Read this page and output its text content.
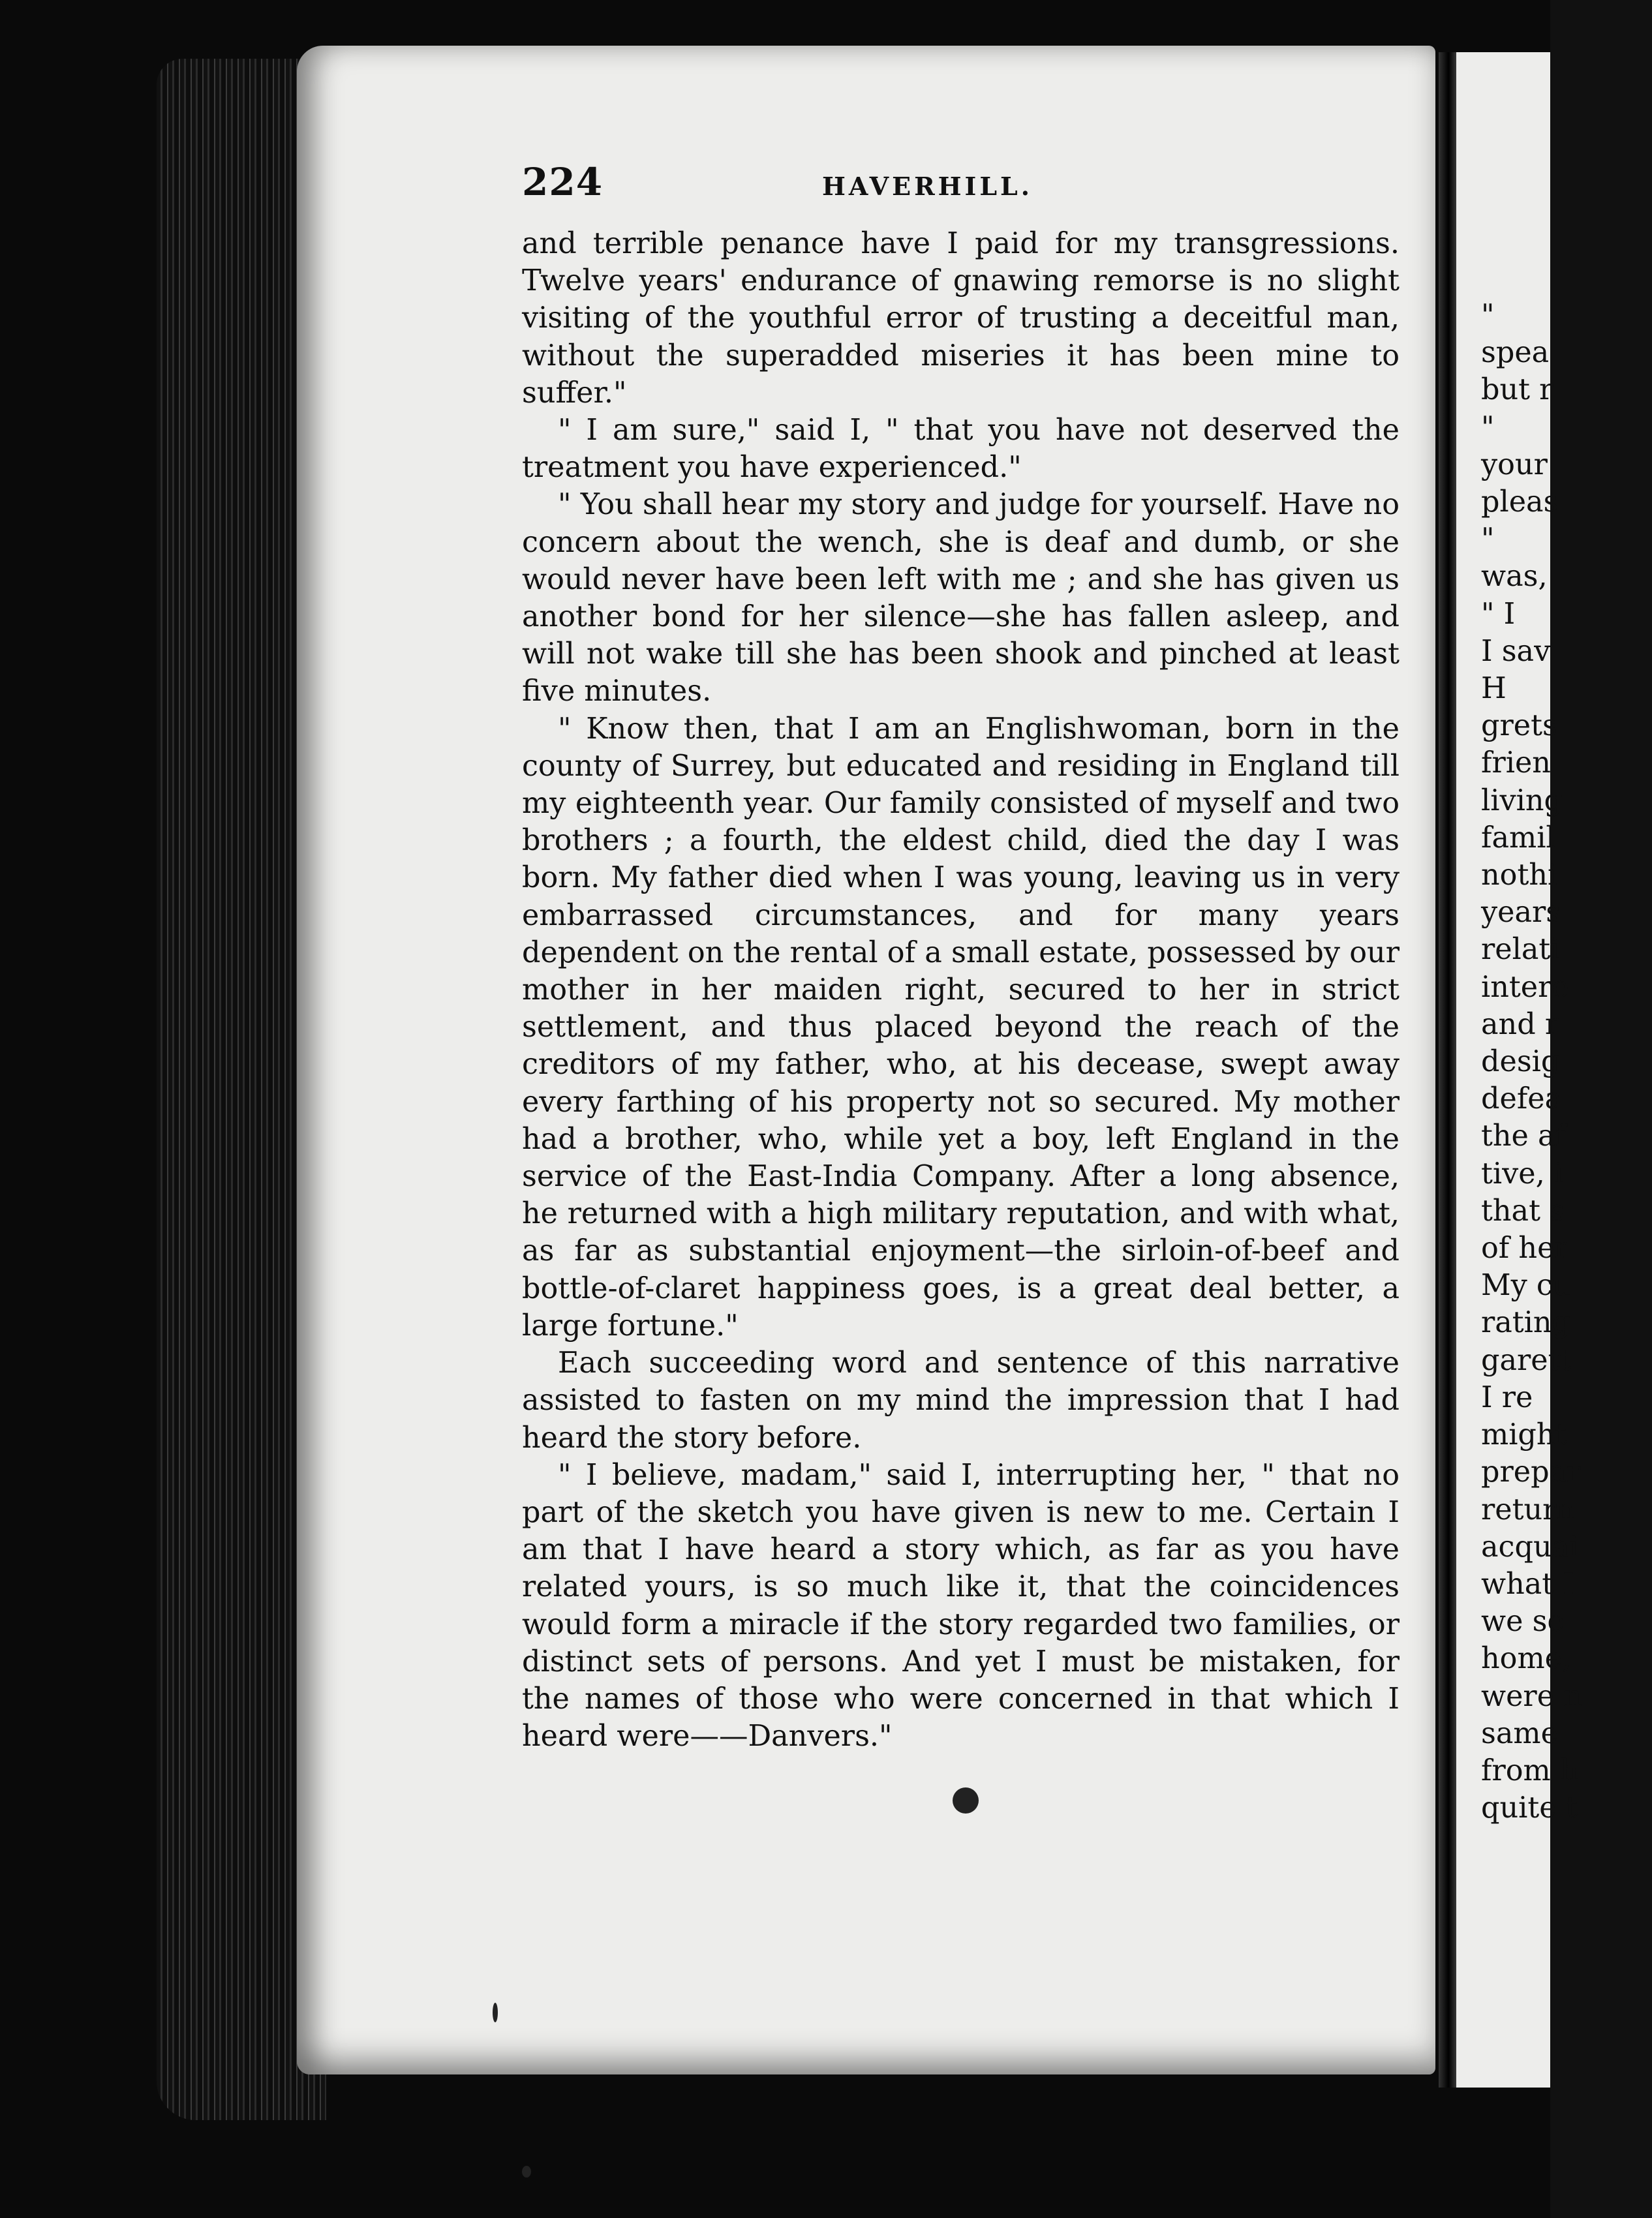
"
spea
but r
"
your
pleas
"
was,
" I
I sav
H
grets
frien
living
famil
nothi
years
relati
intere
and r
desig
defea
the af
tive, i
that s
of her
My cu
rating
garett
I re
might
prepar
return
acquai
what I
we se
home,
were n
same
from h
quite t
224	HAVERHILL.

and terrible penance have I paid for my transgressions. Twelve years' endurance of gnawing remorse is no slight visiting of the youthful error of trusting a deceitful man, without the superadded miseries it has been mine to suffer."

" I am sure," said I, " that you have not deserved the treatment you have experienced."

" You shall hear my story and judge for yourself. Have no concern about the wench, she is deaf and dumb, or she would never have been left with me ; and she has given us another bond for her silence—she has fallen asleep, and will not wake till she has been shook and pinched at least five minutes.

" Know then, that I am an Englishwoman, born in the county of Surrey, but educated and residing in England till my eighteenth year. Our family consisted of myself and two brothers ; a fourth, the eldest child, died the day I was born. My father died when I was young, leaving us in very embarrassed circumstances, and for many years dependent on the rental of a small estate, possessed by our mother in her maiden right, secured to her in strict settlement, and thus placed beyond the reach of the creditors of my father, who, at his decease, swept away every farthing of his property not so secured. My mother had a brother, who, while yet a boy, left England in the service of the East-India Company. After a long absence, he returned with a high military reputation, and with what, as far as substantial enjoyment—the sirloin-of-beef and bottle-of-claret happiness goes, is a great deal better, a large fortune."

Each succeeding word and sentence of this narrative assisted to fasten on my mind the impression that I had heard the story before.

" I believe, madam," said I, interrupting her, " that no part of the sketch you have given is new to me. Certain I am that I have heard a story which, as far as you have related yours, is so much like it, that the coincidences would form a miracle if the story regarded two families, or distinct sets of persons. And yet I must be mistaken, for the names of those who were concerned in that which I heard were——Danvers."
